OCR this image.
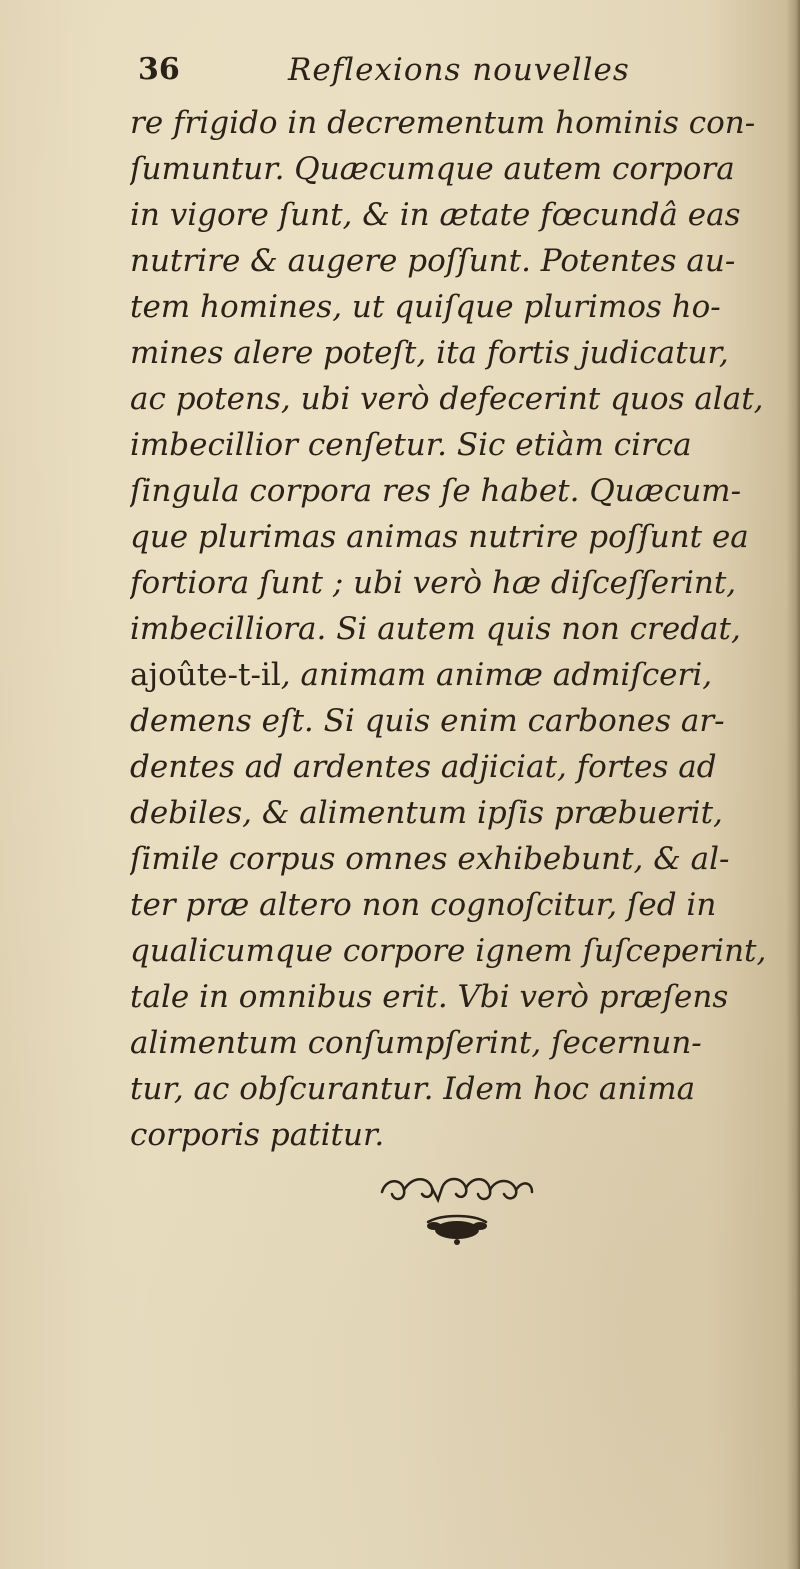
36	Reflexions nouvelles
re frigido in decrementum hominis con-
ſumuntur. Quæcumque autem corpora
in vigore ſunt, & in ætate fœcundâ eas
nutrire & augere poſſunt. Potentes au-
tem homines, ut quiſque plurimos ho-
mines alere poteſt, ita fortis judicatur,
ac potens, ubi verò defecerint quos alat,
imbecillior cenſetur. Sic etiàm circa
ſingula corpora res ſe habet. Quæcum-
que plurimas animas nutrire poſſunt ea
fortiora ſunt ; ubi verò hæ diſceſſerint,
imbecilliora. Si autem quis non credat,
ajoûte-t-il, animam animæ admiſceri,
demens eſt. Si quis enim carbones ar-
dentes ad ardentes adjiciat, fortes ad
debiles, & alimentum ipſis præbuerit,
ſimile corpus omnes exhibebunt, & al-
ter præ altero non cognoſcitur, ſed in
qualicumque corpore ignem ſuſceperint,
tale in omnibus erit. Vbi verò præſens
alimentum conſumpſerint, ſecernun-
tur, ac obſcurantur. Idem hoc anima
corporis patitur.
